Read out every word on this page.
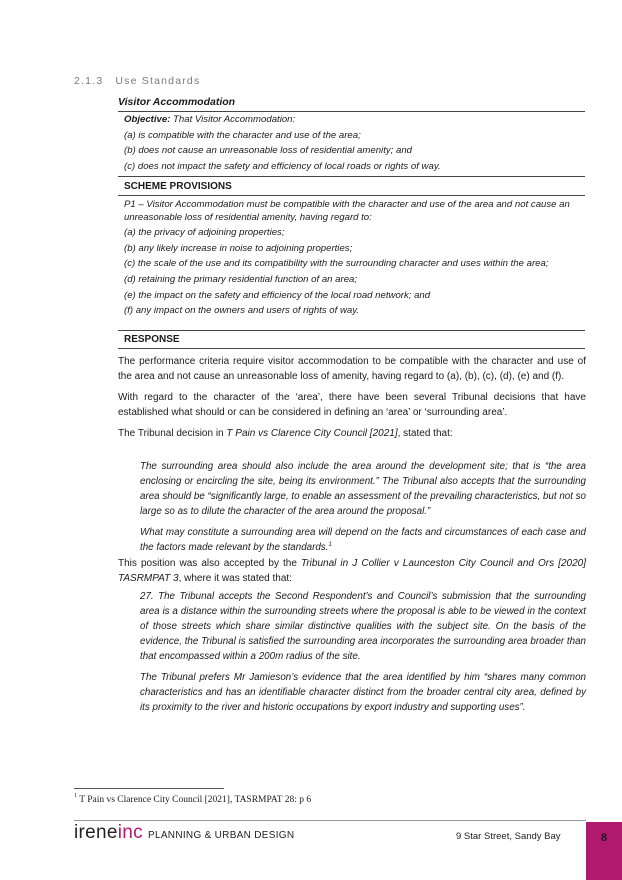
2.1.3 Use Standards
Visitor Accommodation

Objective: That Visitor Accommodation:

(a) is compatible with the character and use of the area;

(b) does not cause an unreasonable loss of residential amenity; and

(c) does not impact the safety and efficiency of local roads or rights of way.

SCHEME PROVISIONS

P1 – Visitor Accommodation must be compatible with the character and use of the area and not cause an unreasonable loss of residential amenity, having regard to:

(a) the privacy of adjoining properties;

(b) any likely increase in noise to adjoining properties;

(c) the scale of the use and its compatibility with the surrounding character and uses within the area;

(d) retaining the primary residential function of an area;

(e) the impact on the safety and efficiency of the local road network; and

(f) any impact on the owners and users of rights of way.

RESPONSE

The performance criteria require visitor accommodation to be compatible with the character and use of the area and not cause an unreasonable loss of amenity, having regard to (a), (b), (c), (d), (e) and (f).

With regard to the character of the ‘area’, there have been several Tribunal decisions that have established what should or can be considered in defining an ‘area’ or ‘surrounding area’.

The Tribunal decision in T Pain vs Clarence City Council [2021], stated that:

The surrounding area should also include the area around the development site; that is “the area enclosing or encircling the site, being its environment.” The Tribunal also accepts that the surrounding area should be “significantly large, to enable an assessment of the prevailing characteristics, but not so large so as to dilute the character of the area around the proposal.”

What may constitute a surrounding area will depend on the facts and circumstances of each case and the factors made relevant by the standards.$^1$

This position was also accepted by the Tribunal in J Collier v Launceston City Council and Ors [2020] TASRMPAT 3, where it was stated that:

27. The Tribunal accepts the Second Respondent’s and Council’s submission that the surrounding area is a distance within the surrounding streets where the proposal is able to be viewed in the context of those streets which share similar distinctive qualities with the subject site. On the basis of the evidence, the Tribunal is satisfied the surrounding area incorporates the surrounding area broader than that encompassed within a 200m radius of the site.

The Tribunal prefers Mr Jamieson’s evidence that the area identified by him “shares many common characteristics and has an identifiable character distinct from the broader central city area, defined by its proximity to the river and historic occupations by export industry and supporting uses”.

$^1$ T Pain vs Clarence City Council [2021], TASRMPAT 28: p 6
ireneinc PLANNING & URBAN DESIGN	9 Star Street, Sandy Bay	8
